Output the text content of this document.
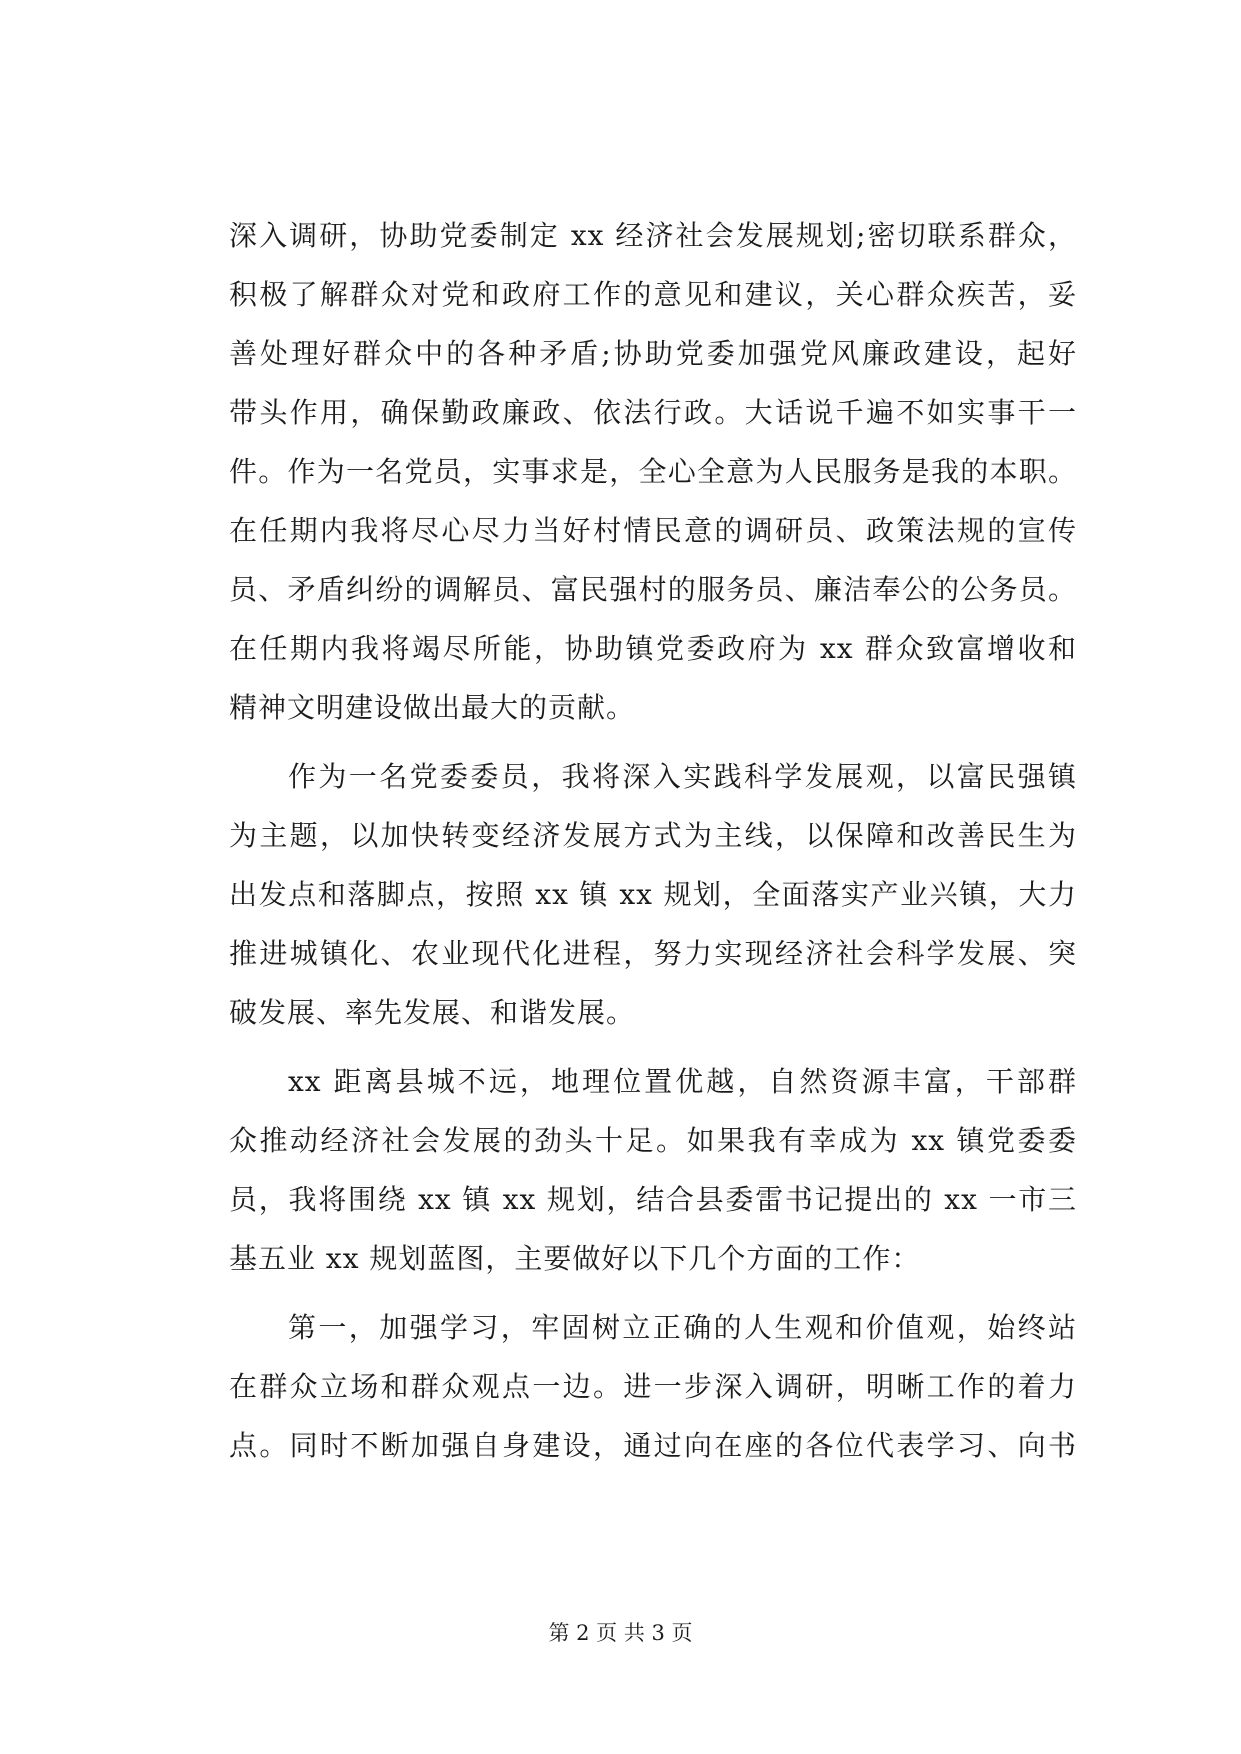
深入调研，协助党委制定 xx 经济社会发展规划;密切联系群众，
积极了解群众对党和政府工作的意见和建议，关心群众疾苦，妥
善处理好群众中的各种矛盾;协助党委加强党风廉政建设，起好
带头作用，确保勤政廉政、依法行政。大话说千遍不如实事干一
件。作为一名党员，实事求是，全心全意为人民服务是我的本职。
在任期内我将尽心尽力当好村情民意的调研员、政策法规的宣传
员、矛盾纠纷的调解员、富民强村的服务员、廉洁奉公的公务员。
在任期内我将竭尽所能，协助镇党委政府为 xx 群众致富增收和
精神文明建设做出最大的贡献。
作为一名党委委员，我将深入实践科学发展观，以富民强镇
为主题，以加快转变经济发展方式为主线，以保障和改善民生为
出发点和落脚点，按照 xx 镇 xx 规划，全面落实产业兴镇，大力
推进城镇化、农业现代化进程，努力实现经济社会科学发展、突
破发展、率先发展、和谐发展。
xx 距离县城不远，地理位置优越，自然资源丰富，干部群
众推动经济社会发展的劲头十足。如果我有幸成为 xx 镇党委委
员，我将围绕 xx 镇 xx 规划，结合县委雷书记提出的 xx 一市三
基五业 xx 规划蓝图，主要做好以下几个方面的工作：
第一，加强学习，牢固树立正确的人生观和价值观，始终站
在群众立场和群众观点一边。进一步深入调研，明晰工作的着力
点。同时不断加强自身建设，通过向在座的各位代表学习、向书
第 2 页 共 3 页
